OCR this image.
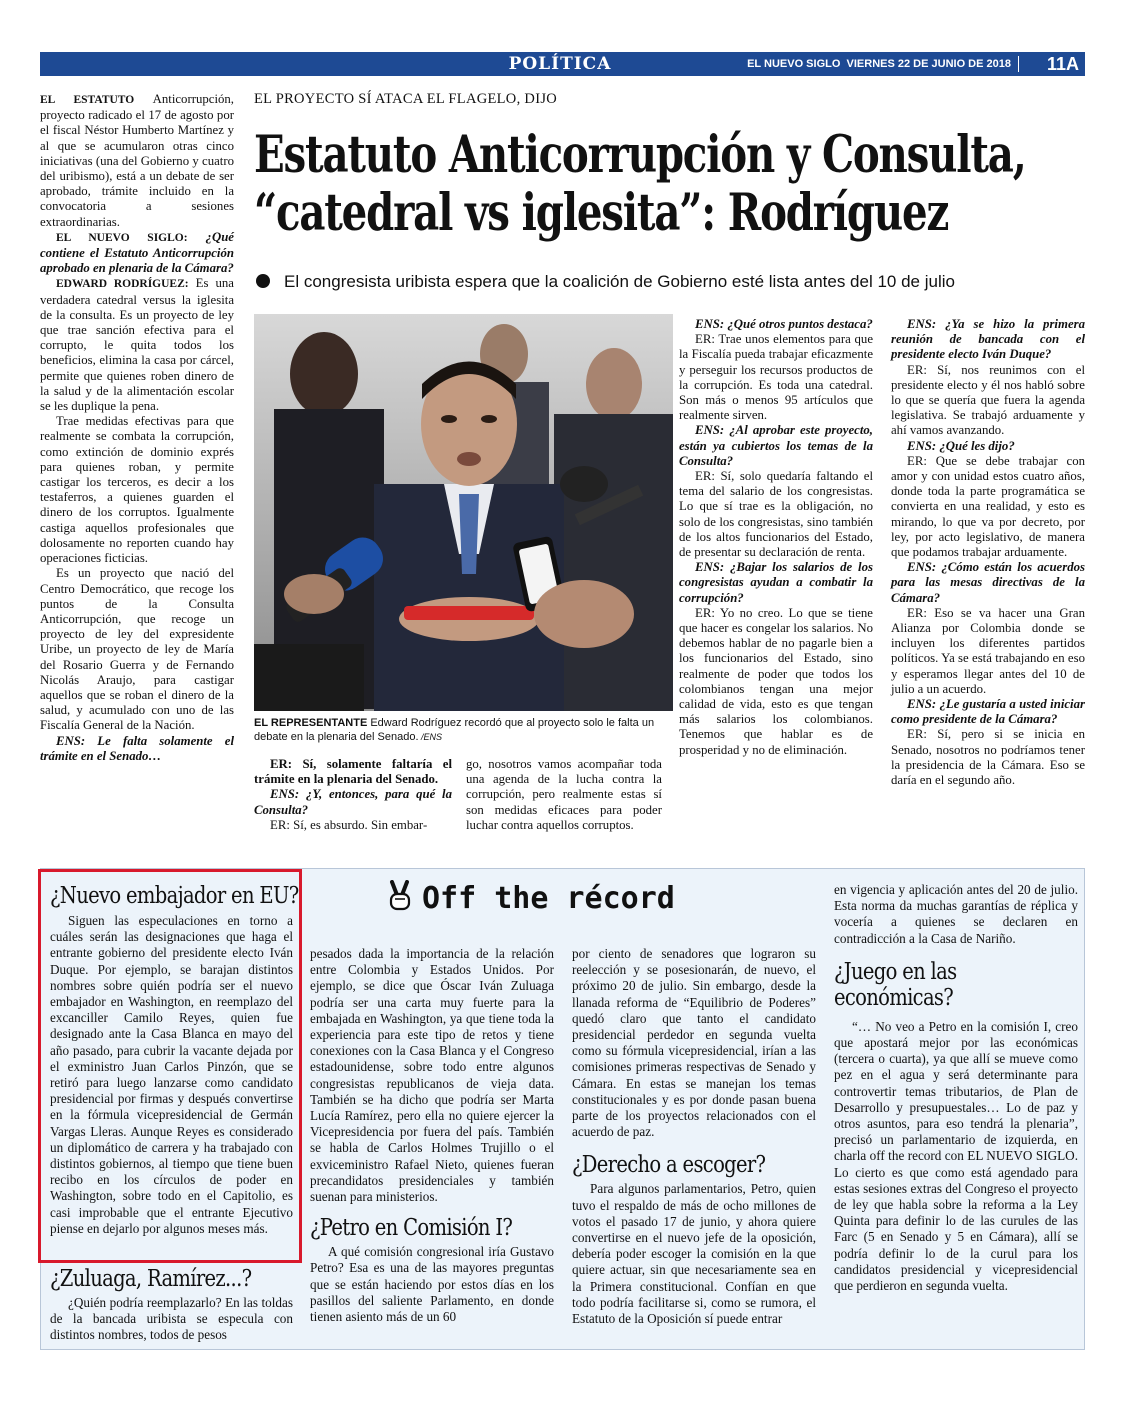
POLÍTICA	EL NUEVO SIGLO VIERNES 22 DE JUNIO DE 2018 11A

EL ESTATUTO Anticorrupción, proyecto radicado el 17 de agosto por el fiscal Néstor Humberto Martínez y al que se acumularon otras cinco iniciativas (una del Gobierno y cuatro del uribismo), está a un debate de ser aprobado, trámite incluido en la convocatoria a sesiones extraordinarias.

EL NUEVO SIGLO: ¿Qué contiene el Estatuto Anticorrupción aprobado en plenaria de la Cámara?

EDWARD RODRÍGUEZ: Es una verdadera catedral versus la iglesita de la consulta. Es un proyecto de ley que trae sanción efectiva para el corrupto, le quita todos los beneficios, elimina la casa por cárcel, permite que quienes roben dinero de la salud y de la alimentación escolar se les duplique la pena.

Trae medidas efectivas para que realmente se combata la corrupción, como extinción de dominio exprés para quienes roban, y permite castigar los terceros, es decir a los testaferros, a quienes guarden el dinero de los corruptos. Igualmente castiga aquellos profesionales que dolosamente no reporten cuando hay operaciones ficticias.

Es un proyecto que nació del Centro Democrático, que recoge los puntos de la Consulta Anticorrupción, que recoge un proyecto de ley del expresidente Uribe, un proyecto de ley de María del Rosario Guerra y de Fernando Nicolás Araujo, para castigar aquellos que se roban el dinero de la salud, y acumulado con uno de las Fiscalía General de la Nación.

ENS: Le falta solamente el trámite en el Senado…

EL PROYECTO SÍ ATACA EL FLAGELO, DIJO
Estatuto Anticorrupción y Consulta,
“catedral vs iglesita”: Rodríguez
El congresista uribista espera que la coalición de Gobierno esté lista antes del 10 de julio
EL REPRESENTANTE Edward Rodríguez recordó que al proyecto solo le falta un debate en la plenaria del Senado. /ENS

ER: Sí, solamente faltaría el trámite en la plenaria del Senado.

ENS: ¿Y, entonces, para qué la Consulta?

ER: Sí, es absurdo. Sin embar-

go, nosotros vamos acompañar toda una agenda de la lucha contra la corrupción, pero realmente estas sí son medidas eficaces para poder luchar contra aquellos corruptos.

ENS: ¿Qué otros puntos destaca?

ER: Trae unos elementos para que la Fiscalía pueda trabajar eficazmente y perseguir los recursos productos de la corrupción. Es toda una catedral. Son más o menos 95 artículos que realmente sirven.

ENS: ¿Al aprobar este proyecto, están ya cubiertos los temas de la Consulta?

ER: Sí, solo quedaría faltando el tema del salario de los congresistas. Lo que sí trae es la obligación, no solo de los congresistas, sino también de los altos funcionarios del Estado, de presentar su declaración de renta.

ENS: ¿Bajar los salarios de los congresistas ayudan a combatir la corrupción?

ER: Yo no creo. Lo que se tiene que hacer es congelar los salarios. No debemos hablar de no pagarle bien a los funcionarios del Estado, sino realmente de poder que todos los colombianos tengan una mejor calidad de vida, esto es que tengan más salarios los colombianos. Tenemos que hablar es de prosperidad y no de eliminación.

ENS: ¿Ya se hizo la primera reunión de bancada con el presidente electo Iván Duque?

ER: Sí, nos reunimos con el presidente electo y él nos habló sobre lo que se quería que fuera la agenda legislativa. Se trabajó arduamente y ahí vamos avanzando.

ENS: ¿Qué les dijo?

ER: Que se debe trabajar con amor y con unidad estos cuatro años, donde toda la parte programática se convierta en una realidad, y esto es mirando, lo que va por decreto, por ley, por acto legislativo, de manera que podamos trabajar arduamente.

ENS: ¿Cómo están los acuerdos para las mesas directivas de la Cámara?

ER: Eso se va hacer una Gran Alianza por Colombia donde se incluyen los diferentes partidos políticos. Ya se está trabajando en eso y esperamos llegar antes del 10 de julio a un acuerdo.

ENS: ¿Le gustaría a usted iniciar como presidente de la Cámara?

ER: Sí, pero si se inicia en Senado, nosotros no podríamos tener la presidencia de la Cámara. Eso se daría en el segundo año.

Off the récord
¿Nuevo embajador en EU?

Siguen las especulaciones en torno a cuáles serán las designaciones que haga el entrante gobierno del presidente electo Iván Duque. Por ejemplo, se barajan distintos nombres sobre quién podría ser el nuevo embajador en Washington, en reemplazo del excanciller Camilo Reyes, quien fue designado ante la Casa Blanca en mayo del año pasado, para cubrir la vacante dejada por el exministro Juan Carlos Pinzón, que se retiró para luego lanzarse como candidato presidencial por firmas y después convertirse en la fórmula vicepresidencial de Germán Vargas Lleras. Aunque Reyes es considerado un diplomático de carrera y ha trabajado con distintos gobiernos, al tiempo que tiene buen recibo en los círculos de poder en Washington, sobre todo en el Capitolio, es casi improbable que el entrante Ejecutivo piense en dejarlo por algunos meses más.

¿Zuluaga, Ramírez...?

¿Quién podría reemplazarlo? En las toldas de la bancada uribista se especula con distintos nombres, todos de pesos

pesados dada la importancia de la relación entre Colombia y Estados Unidos. Por ejemplo, se dice que Óscar Iván Zuluaga podría ser una carta muy fuerte para la embajada en Washington, ya que tiene toda la experiencia para este tipo de retos y tiene conexiones con la Casa Blanca y el Congreso estadounidense, sobre todo entre algunos congresistas republicanos de vieja data. También se ha dicho que podría ser Marta Lucía Ramírez, pero ella no quiere ejercer la Vicepresidencia por fuera del país. También se habla de Carlos Holmes Trujillo o el exviceministro Rafael Nieto, quienes fueran precandidatos presidenciales y también suenan para ministerios.

¿Petro en Comisión I?

A qué comisión congresional iría Gustavo Petro? Esa es una de las mayores preguntas que se están haciendo por estos días en los pasillos del saliente Parlamento, en donde tienen asiento más de un 60

por ciento de senadores que lograron su reelección y se posesionarán, de nuevo, el próximo 20 de julio. Sin embargo, desde la llanada reforma de “Equilibrio de Poderes” quedó claro que tanto el candidato presidencial perdedor en segunda vuelta como su fórmula vicepresidencial, irían a las comisiones primeras respectivas de Senado y Cámara. En estas se manejan los temas constitucionales y es por donde pasan buena parte de los proyectos relacionados con el acuerdo de paz.

¿Derecho a escoger?

Para algunos parlamentarios, Petro, quien tuvo el respaldo de más de ocho millones de votos el pasado 17 de junio, y ahora quiere convertirse en el nuevo jefe de la oposición, debería poder escoger la comisión en la que quiere actuar, sin que necesariamente sea en la Primera constitucional. Confían en que todo podría facilitarse si, como se rumora, el Estatuto de la Oposición sí puede entrar

en vigencia y aplicación antes del 20 de julio. Esta norma da muchas garantías de réplica y vocería a quienes se declaren en contradicción a la Casa de Nariño.

¿Juego en las
económicas?

“… No veo a Petro en la comisión I, creo que apostará mejor por las económicas (tercera o cuarta), ya que allí se mueve como pez en el agua y será determinante para controvertir temas tributarios, de Plan de Desarrollo y presupuestales… Lo de paz y otros asuntos, para eso tendrá la plenaria”, precisó un parlamentario de izquierda, en charla off the record con EL NUEVO SIGLO. Lo cierto es que como está agendado para estas sesiones extras del Congreso el proyecto de ley que habla sobre la reforma a la Ley Quinta para definir lo de las curules de las Farc (5 en Senado y 5 en Cámara), allí se podría definir lo de la curul para los candidatos presidencial y vicepresidencial que perdieron en segunda vuelta.
